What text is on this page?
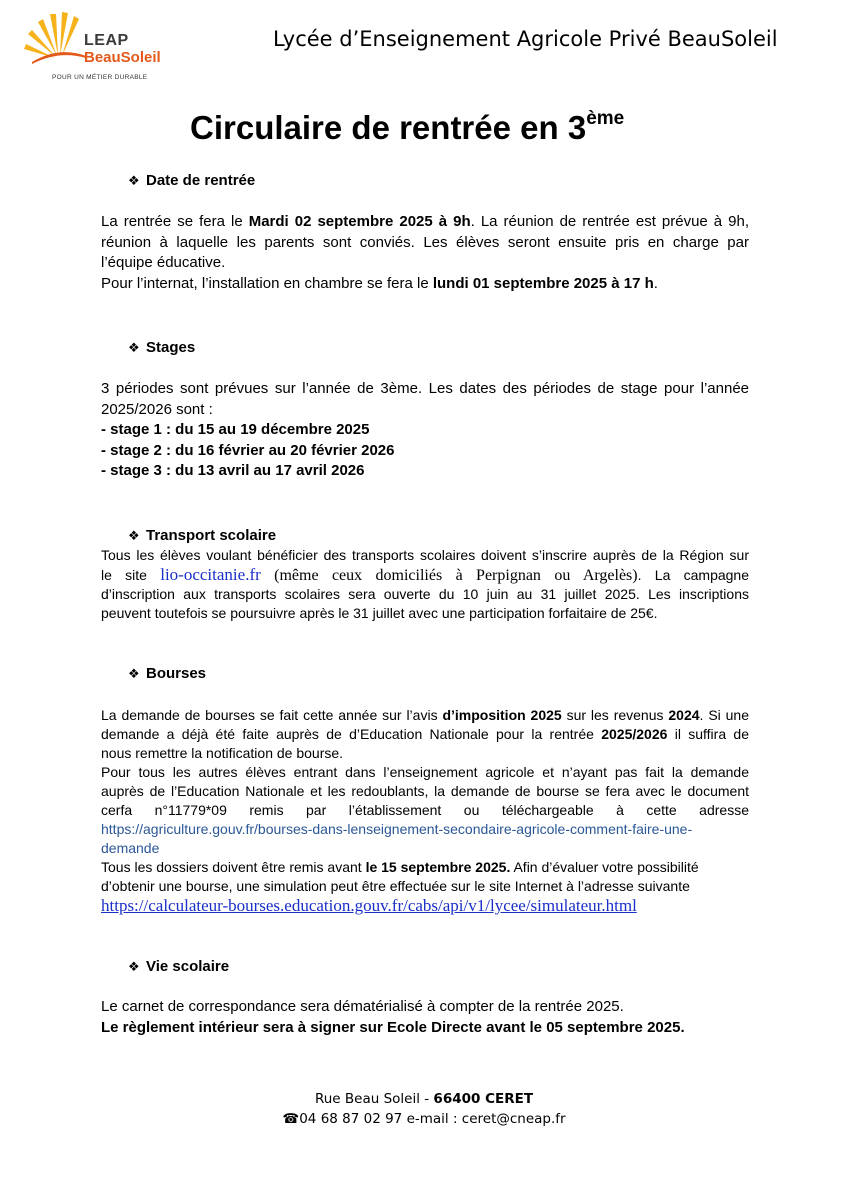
LEAP
BeauSoleil
POUR UN MÉTIER DURABLE
Lycée d’Enseignement Agricole Privé BeauSoleil
Circulaire de rentrée en 3ème
❖ Date de rentrée
La rentrée se fera le Mardi 02 septembre 2025 à 9h. La réunion de rentrée est prévue à 9h,
réunion à laquelle les parents sont conviés. Les élèves seront ensuite pris en charge par
l’équipe éducative.
Pour l’internat, l’installation en chambre se fera le lundi 01 septembre 2025 à 17 h.
❖ Stages
3 périodes sont prévues sur l’année de 3ème. Les dates des périodes de stage pour l’année
2025/2026 sont :
- stage 1 : du 15 au 19 décembre 2025
- stage 2 : du 16 février au 20 février 2026
- stage 3 : du 13 avril au 17 avril 2026
❖ Transport scolaire
Tous les élèves voulant bénéficier des transports scolaires doivent s’inscrire auprès de la Région sur
le site lio-occitanie.fr (même ceux domiciliés à Perpignan ou Argelès). La campagne
d’inscription aux transports scolaires sera ouverte du 10 juin au 31 juillet 2025. Les inscriptions
peuvent toutefois se poursuivre après le 31 juillet avec une participation forfaitaire de 25€.
❖ Bourses
La demande de bourses se fait cette année sur l’avis d’imposition 2025 sur les revenus 2024. Si une
demande a déjà été faite auprès de d’Education Nationale pour la rentrée 2025/2026 il suffira de
nous remettre la notification de bourse.
Pour tous les autres élèves entrant dans l’enseignement agricole et n’ayant pas fait la demande
auprès de l’Education Nationale et les redoublants, la demande de bourse se fera avec le document
cerfa n°11779*09 remis par l’établissement ou téléchargeable à cette adresse
https://agriculture.gouv.fr/bourses-dans-lenseignement-secondaire-agricole-comment-faire-une-
demande
Tous les dossiers doivent être remis avant le 15 septembre 2025. Afin d’évaluer votre possibilité
d’obtenir une bourse, une simulation peut être effectuée sur le site Internet à l’adresse suivante
https://calculateur-bourses.education.gouv.fr/cabs/api/v1/lycee/simulateur.html
❖ Vie scolaire
Le carnet de correspondance sera dématérialisé à compter de la rentrée 2025.
Le règlement intérieur sera à signer sur Ecole Directe avant le 05 septembre 2025.
Rue Beau Soleil - 66400 CERET
☎04 68 87 02 97 e-mail : ceret@cneap.fr
